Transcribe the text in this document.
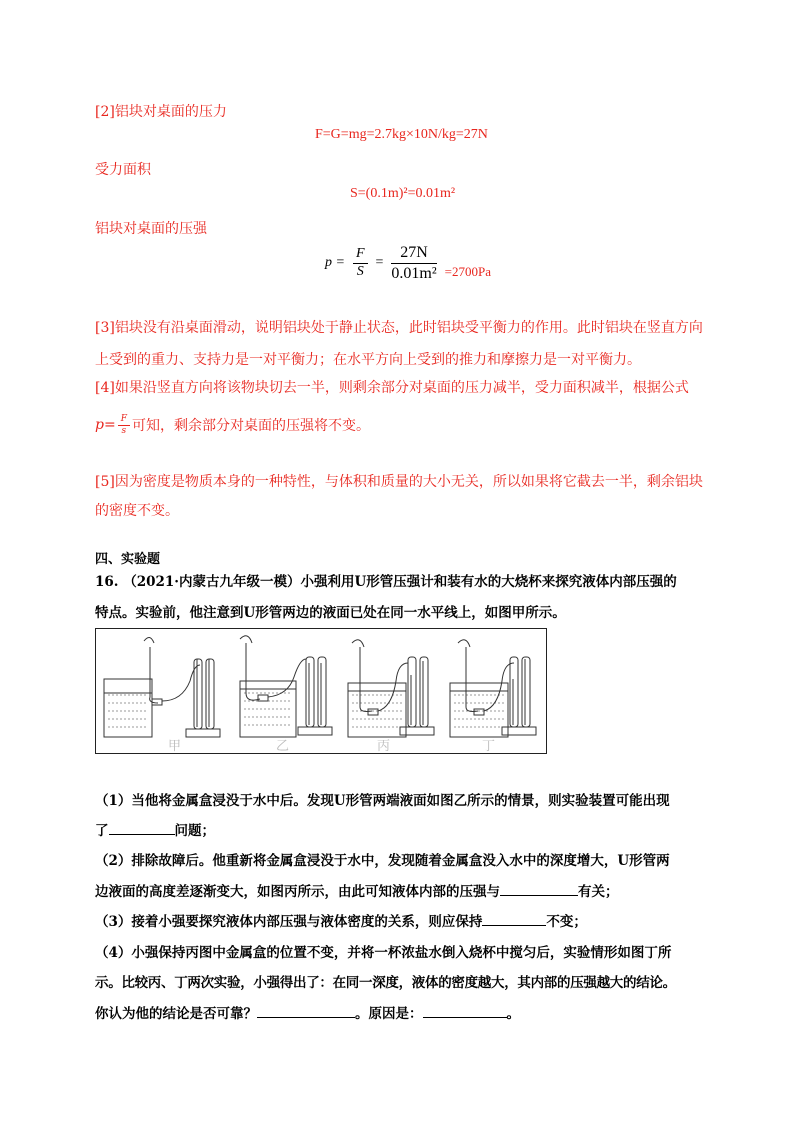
[2]铝块对桌面的压力
F=G=mg=2.7kg×10N/kg=27N
受力面积
S=(0.1m)²=0.01m²
铝块对桌面的压强
$p = \frac{F}{S} = \frac{27N}{\text{0.01m²}} =2700Pa$
[3]铝块没有沿桌面滑动，说明铝块处于静止状态，此时铝块受平衡力的作用。此时铝块在竖直方向
上受到的重力、支持力是一对平衡力；在水平方向上受到的推力和摩擦力是一对平衡力。
[4]如果沿竖直方向将该物块切去一半，则剩余部分对桌面的压力减半，受力面积减半，根据公式
$p= \frac{F}{s}$ 可知，剩余部分对桌面的压强将不变。
[5]因为密度是物质本身的一种特性，与体积和质量的大小无关，所以如果将它截去一半，剩余铝块
的密度不变。
四、实验题
16. （2021·内蒙古九年级一模）小强利用U形管压强计和装有水的大烧杯来探究液体内部压强的
特点。实验前，他注意到U形管两边的液面已处在同一水平线上，如图甲所示。
甲	乙	丙	丁
（1）当他将金属盒浸没于水中后。发现U形管两端液面如图乙所示的情景，则实验装置可能出现
了	问题；
（2）排除故障后。他重新将金属盒浸没于水中，发现随着金属盒没入水中的深度增大，U形管两
边液面的高度差逐渐变大，如图丙所示，由此可知液体内部的压强与	有关；
（3）接着小强要探究液体内部压强与液体密度的关系，则应保持	不变；
（4）小强保持丙图中金属盒的位置不变，并将一杯浓盐水倒入烧杯中搅匀后，实验情形如图丁所
示。比较丙、丁两次实验，小强得出了：在同一深度，液体的密度越大，其内部的压强越大的结论。
你认为他的结论是否可靠？	。原因是：	。
